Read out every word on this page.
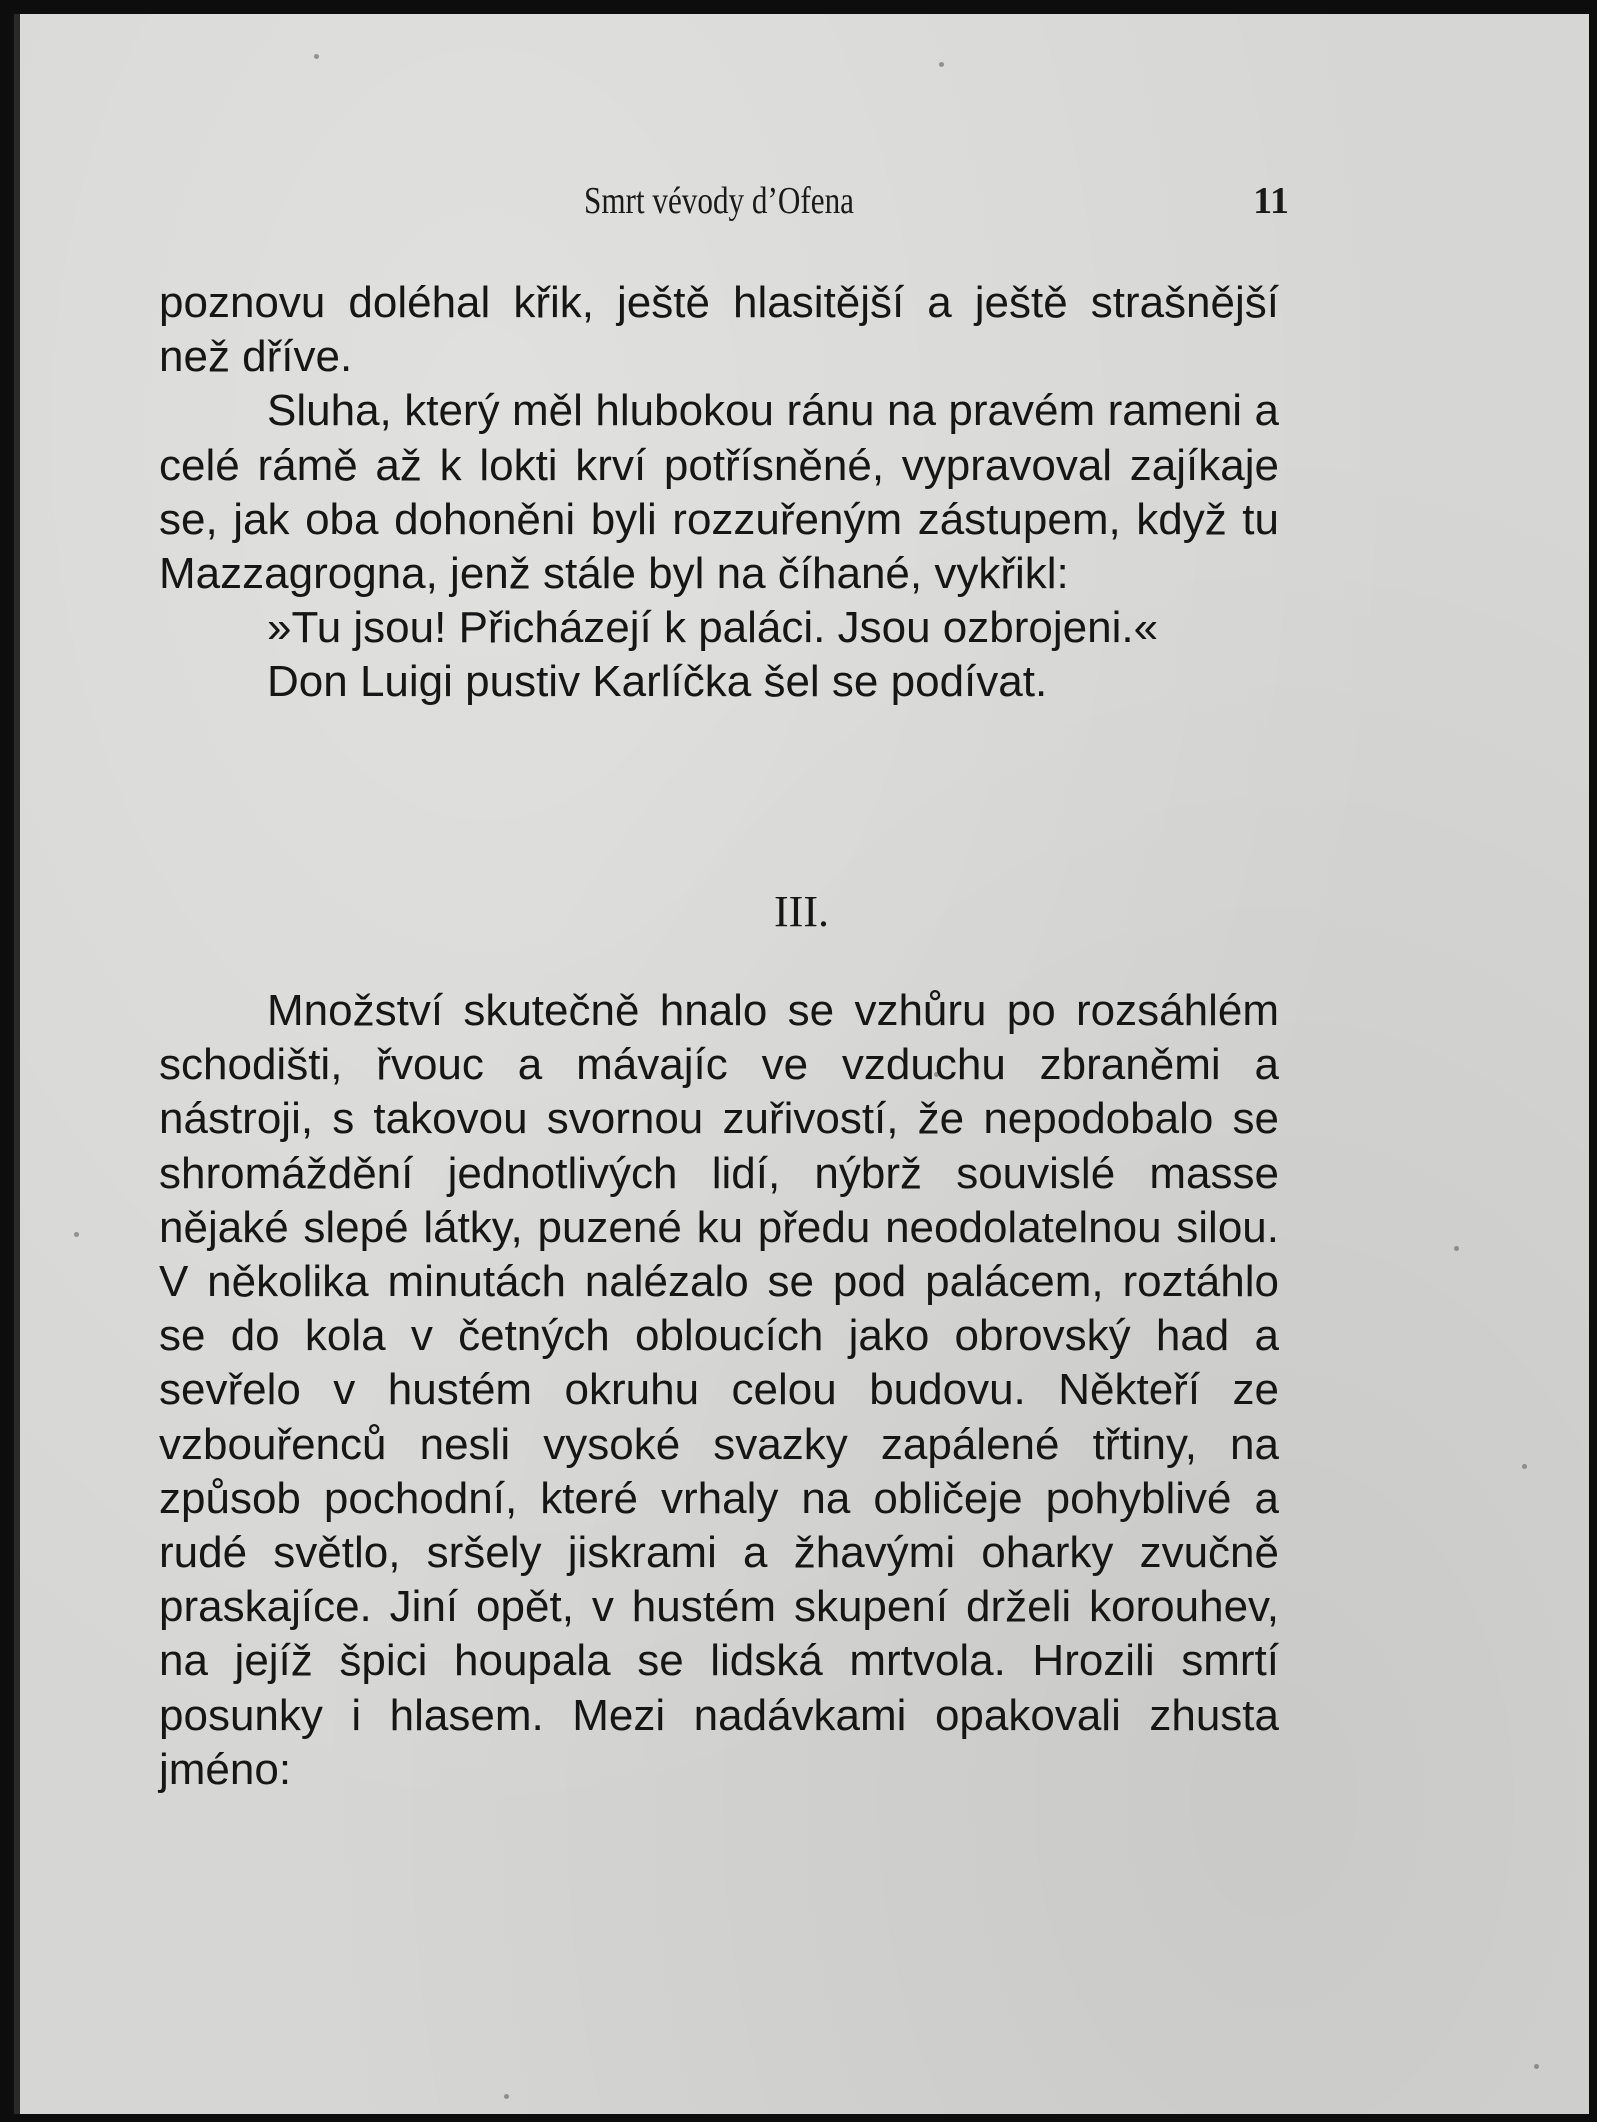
Smrt vévody d’Ofena	11

poznovu doléhal křik, ještě hlasitější a ještě strašnější než dříve.

Sluha, který měl hlubokou ránu na pravém rameni a celé rámě až k lokti krví potřísněné, vypravoval zajíkaje se, jak oba dohoněni byli rozzuřeným zástupem, když tu Mazzagrogna, jenž stále byl na číhané, vykřikl:

»Tu jsou! Přicházejí k paláci. Jsou ozbrojeni.«

Don Luigi pustiv Karlíčka šel se podívat.

III.

Množství skutečně hnalo se vzhůru po rozsáhlém schodišti, řvouc a mávajíc ve vzduchu zbraněmi a nástroji, s takovou svornou zuřivostí, že nepodobalo se shromáždění jednotlivých lidí, nýbrž souvislé masse nějaké slepé látky, puzené ku předu neodolatelnou silou. V několika minutách nalézalo se pod palácem, roztáhlo se do kola v četných obloucích jako obrovský had a sevřelo v hustém okruhu celou budovu. Někteří ze vzbouřenců nesli vysoké svazky zapálené třtiny, na způsob pochodní, které vrhaly na obličeje pohyblivé a rudé světlo, sršely jiskrami a žhavými oharky zvučně praskajíce. Jiní opět, v hustém skupení drželi korouhev, na jejíž špici houpala se lidská mrtvola. Hrozili smrtí posunky i hlasem. Mezi nadávkami opakovali zhusta jméno:
